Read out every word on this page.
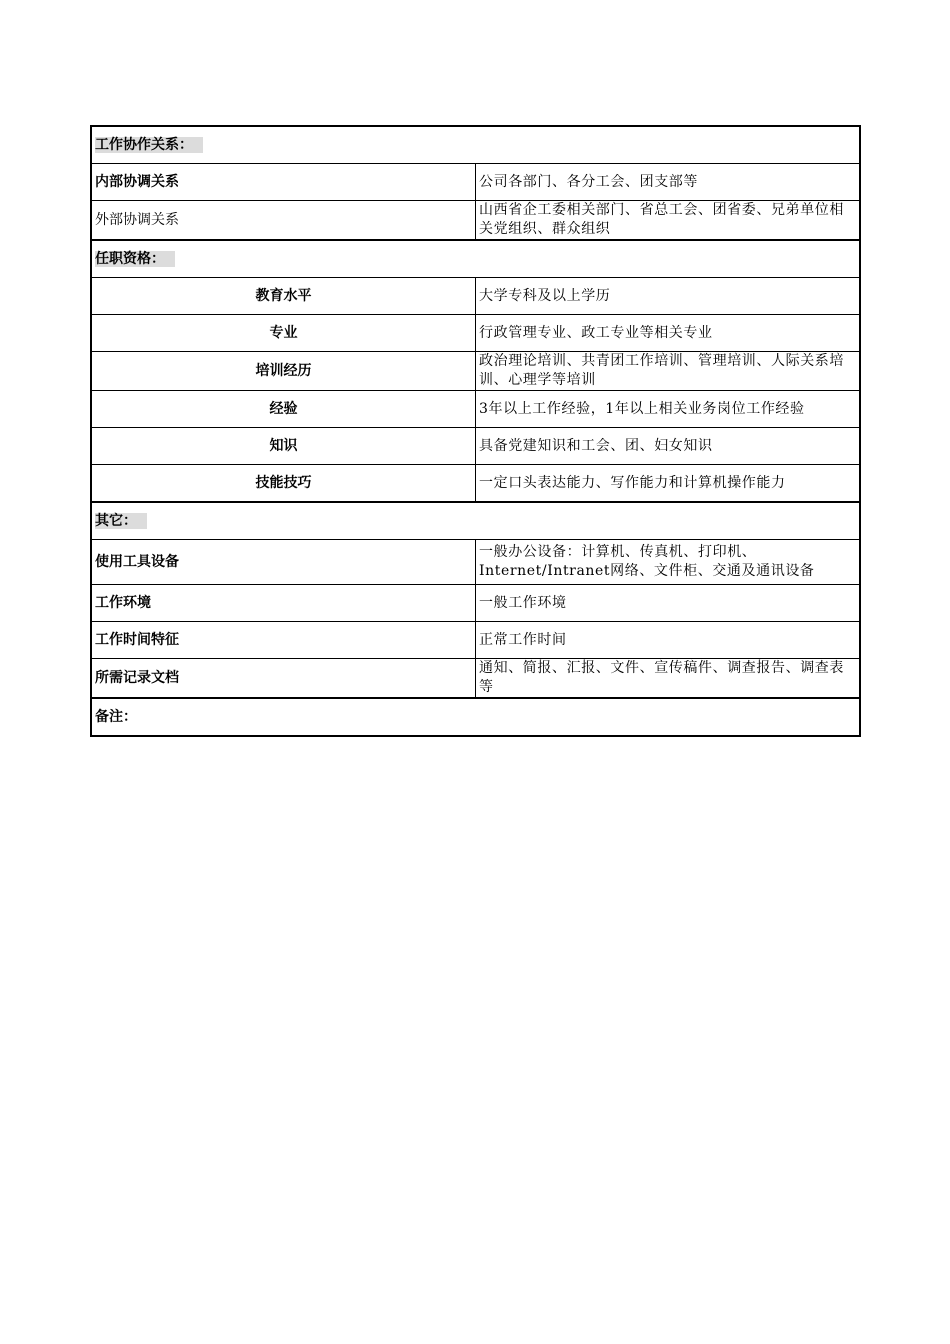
工作协作关系：	
内部协调关系	公司各部门、各分工会、团支部等
外部协调关系	山西省企工委相关部门、省总工会、团省委、兄弟单位相关党组织、群众组织
任职资格：	
教育水平	大学专科及以上学历
专业	行政管理专业、政工专业等相关专业
培训经历	政治理论培训、共青团工作培训、管理培训、人际关系培训、心理学等培训
经验	3年以上工作经验，1年以上相关业务岗位工作经验
知识	具备党建知识和工会、团、妇女知识
技能技巧	一定口头表达能力、写作能力和计算机操作能力
其它：	
使用工具设备	一般办公设备：计算机、传真机、打印机、Internet/Intranet网络、文件柜、交通及通讯设备
工作环境	一般工作环境
工作时间特征	正常工作时间
所需记录文档	通知、简报、汇报、文件、宣传稿件、调查报告、调查表等
备注：	
